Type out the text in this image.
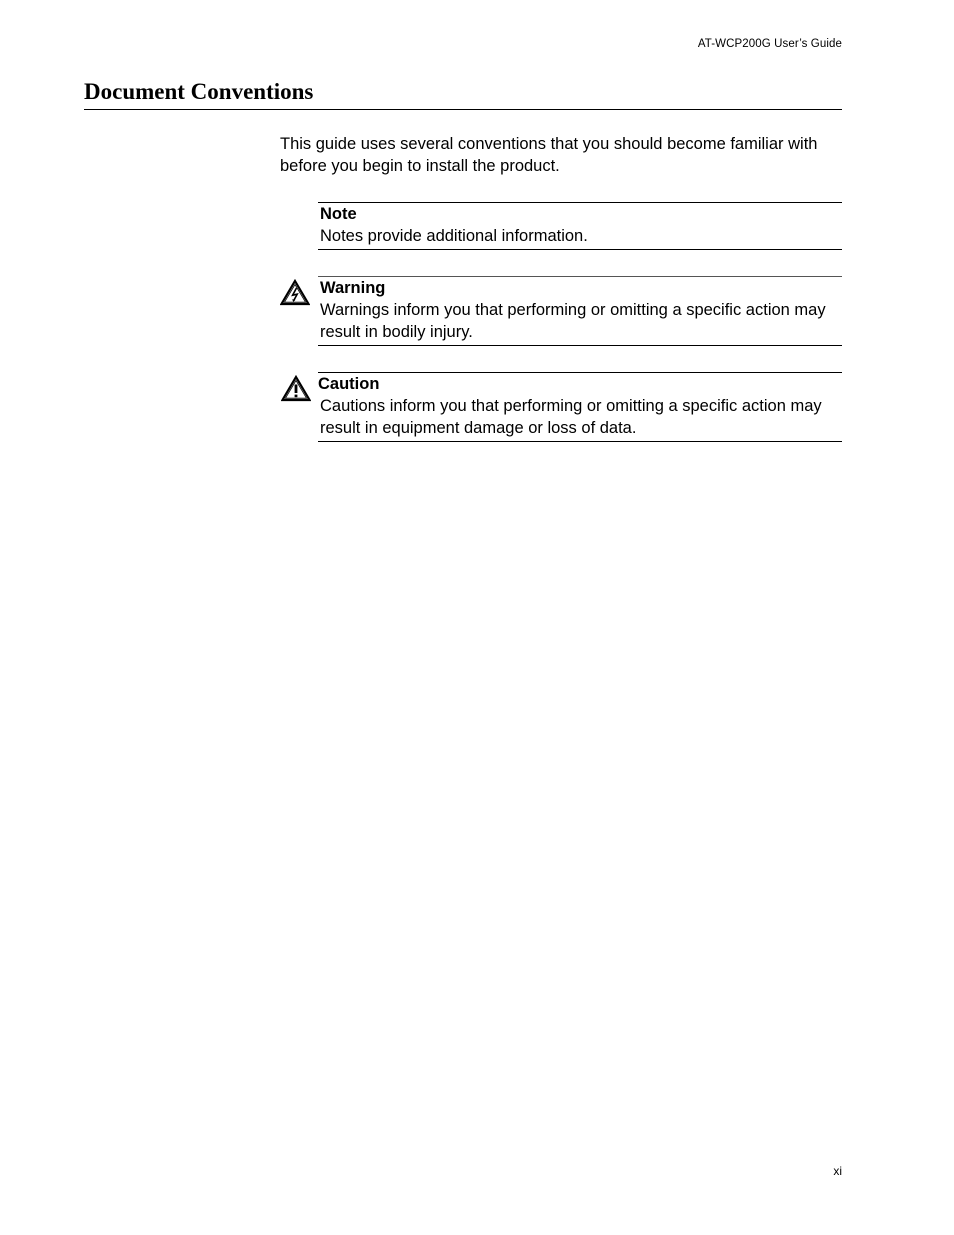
AT-WCP200G User’s Guide
Document Conventions

This guide uses several conventions that you should become familiar with before you begin to install the product.

Note
Notes provide additional information.
Warning
Warnings inform you that performing or omitting a specific action may result in bodily injury.
Caution
Cautions inform you that performing or omitting a specific action may result in equipment damage or loss of data.
xi
